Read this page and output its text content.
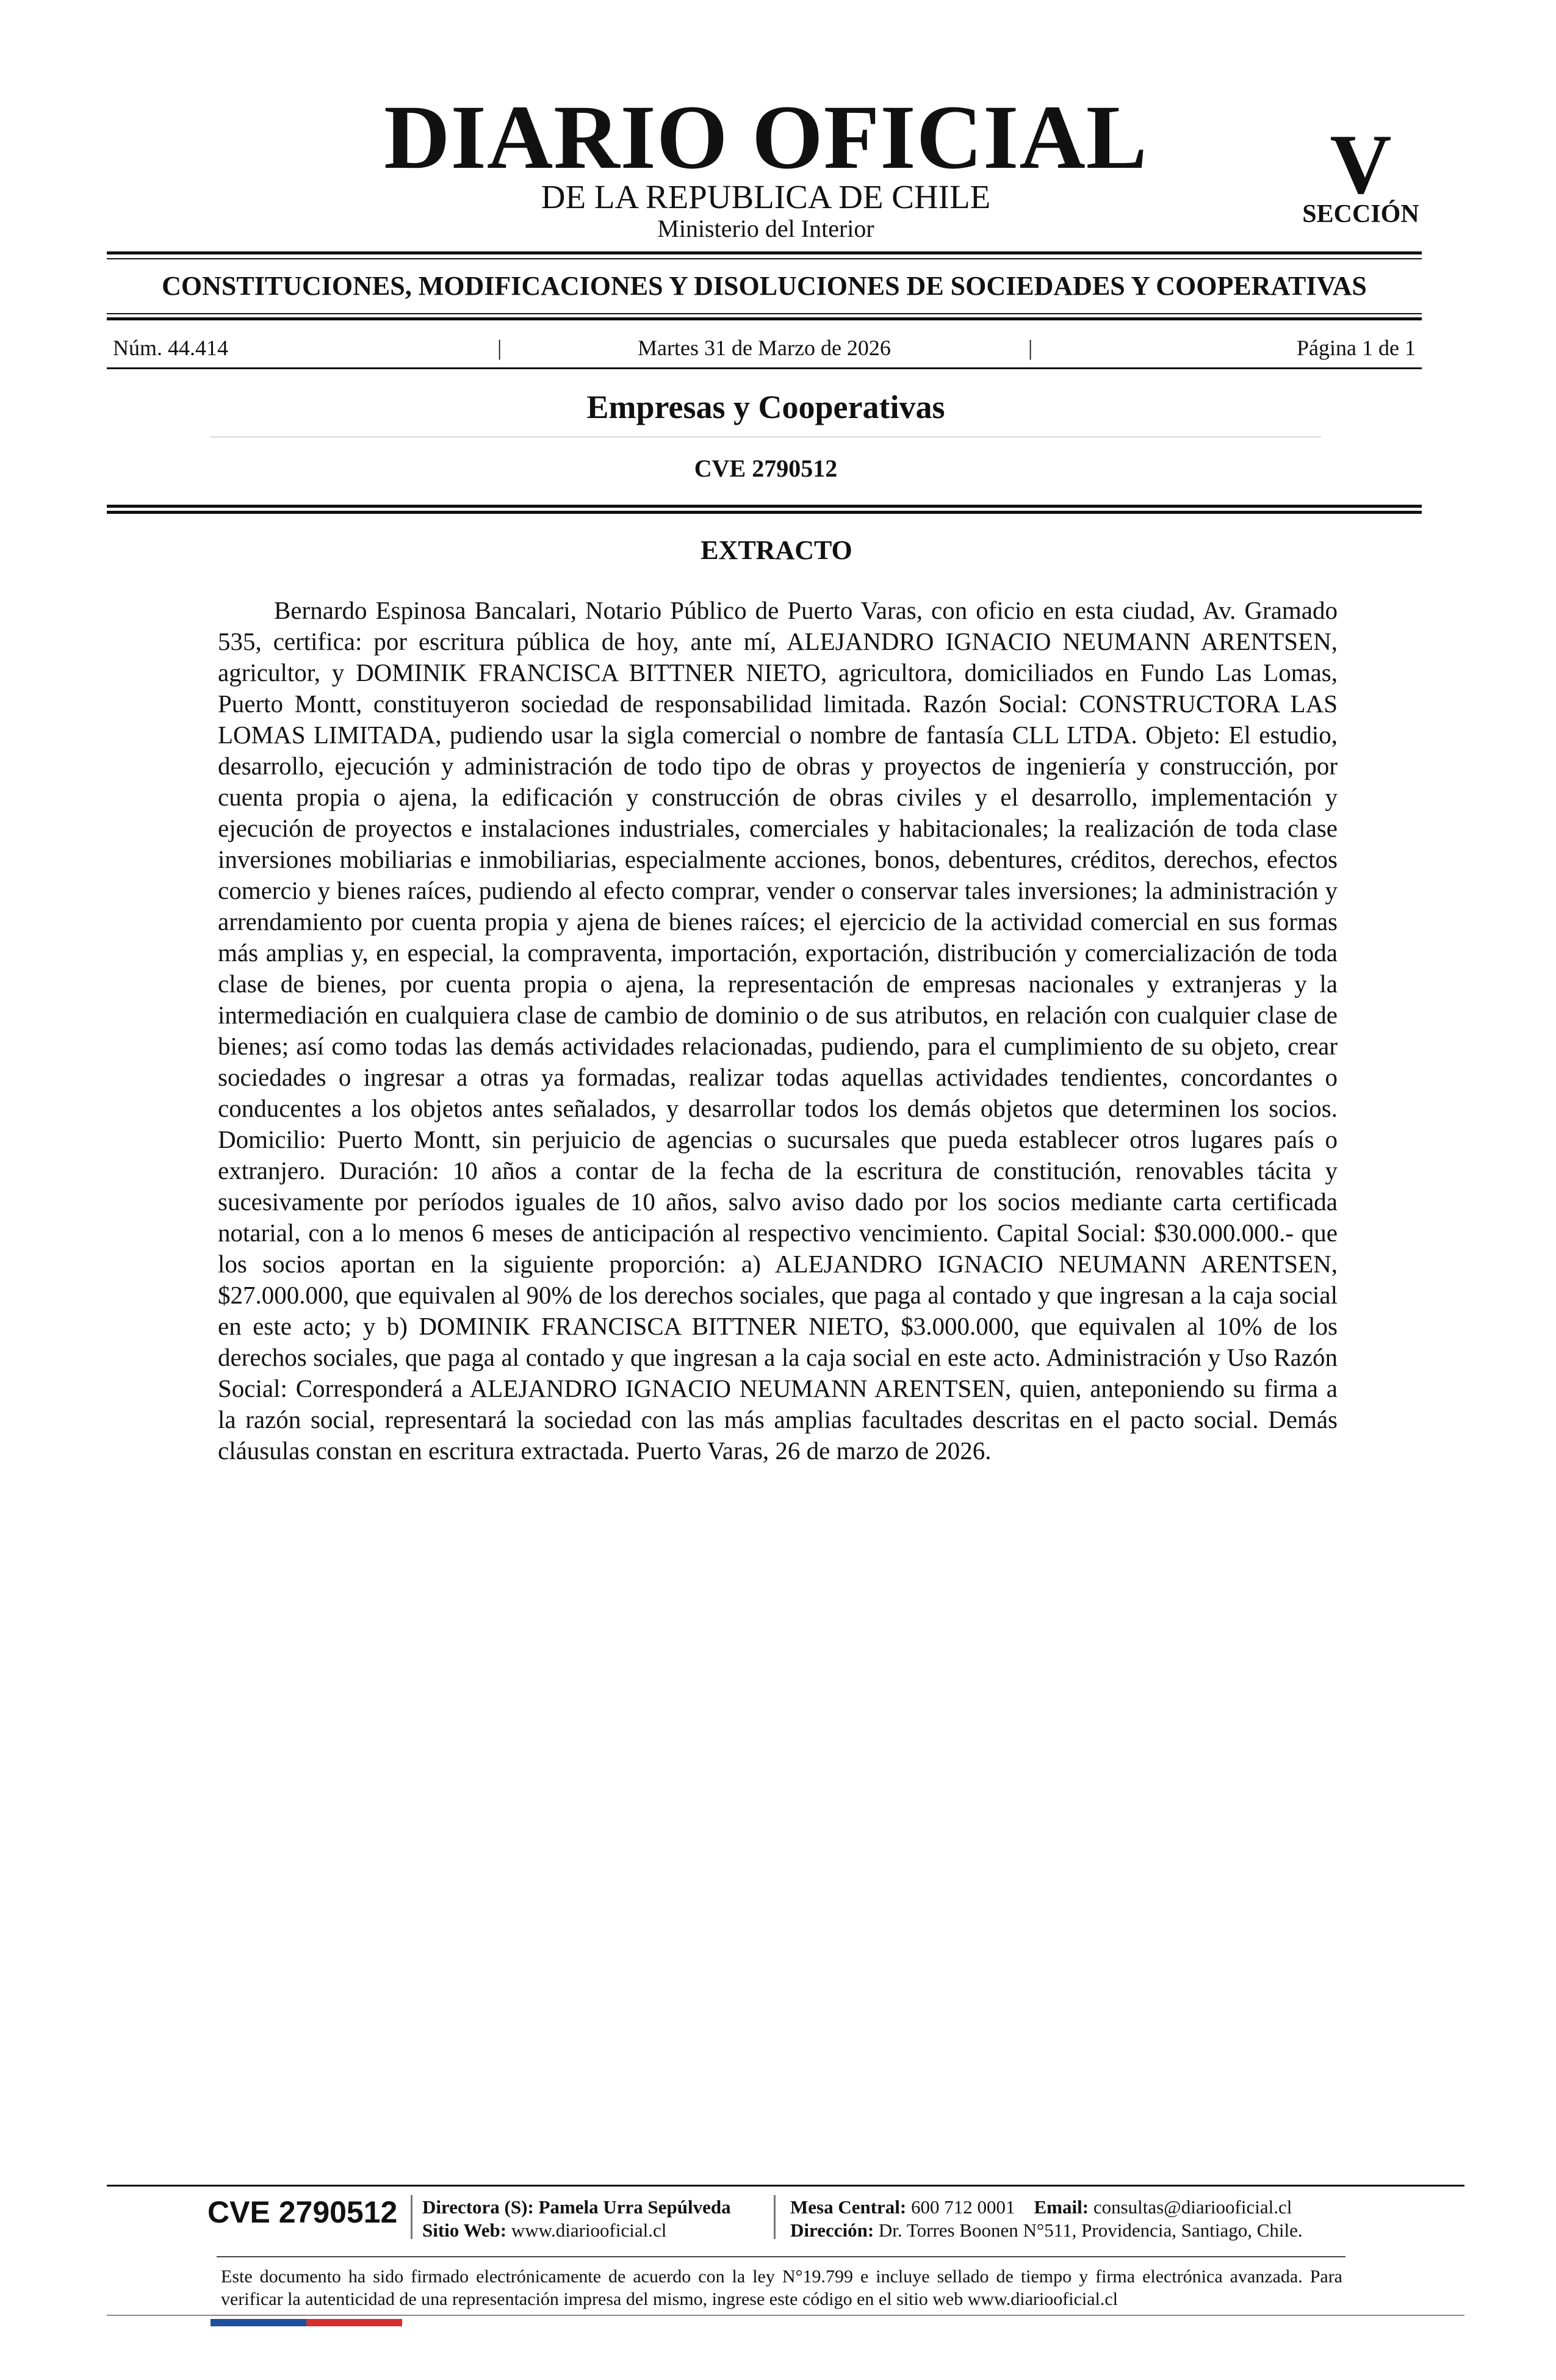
DIARIO OFICIAL
DE LA REPUBLICA DE CHILE
Ministerio del Interior
V
SECCIÓN
CONSTITUCIONES, MODIFICACIONES Y DISOLUCIONES DE SOCIEDADES Y COOPERATIVAS
Núm. 44.414	|	Martes 31 de Marzo de 2026	|	Página 1 de 1
Empresas y Cooperativas
CVE 2790512
EXTRACTO

Bernardo Espinosa Bancalari, Notario Público de Puerto Varas, con oficio en esta ciudad, Av. Gramado 535, certifica: por escritura pública de hoy, ante mí, ALEJANDRO IGNACIO NEUMANN ARENTSEN, agricultor, y DOMINIK FRANCISCA BITTNER NIETO, agricultora, domiciliados en Fundo Las Lomas, Puerto Montt, constituyeron sociedad de responsabilidad limitada. Razón Social: CONSTRUCTORA LAS LOMAS LIMITADA, pudiendo usar la sigla comercial o nombre de fantasía CLL LTDA. Objeto: El estudio, desarrollo, ejecución y administración de todo tipo de obras y proyectos de ingeniería y construcción, por cuenta propia o ajena, la edificación y construcción de obras civiles y el desarrollo, implementación y ejecución de proyectos e instalaciones industriales, comerciales y habitacionales; la realización de toda clase inversiones mobiliarias e inmobiliarias, especialmente acciones, bonos, debentures, créditos, derechos, efectos comercio y bienes raíces, pudiendo al efecto comprar, vender o conservar tales inversiones; la administración y arrendamiento por cuenta propia y ajena de bienes raíces; el ejercicio de la actividad comercial en sus formas más amplias y, en especial, la compraventa, importación, exportación, distribución y comercialización de toda clase de bienes, por cuenta propia o ajena, la representación de empresas nacionales y extranjeras y la intermediación en cualquiera clase de cambio de dominio o de sus atributos, en relación con cualquier clase de bienes; así como todas las demás actividades relacionadas, pudiendo, para el cumplimiento de su objeto, crear sociedades o ingresar a otras ya formadas, realizar todas aquellas actividades tendientes, concordantes o conducentes a los objetos antes señalados, y desarrollar todos los demás objetos que determinen los socios. Domicilio: Puerto Montt, sin perjuicio de agencias o sucursales que pueda establecer otros lugares país o extranjero. Duración: 10 años a contar de la fecha de la escritura de constitución, renovables tácita y sucesivamente por períodos iguales de 10 años, salvo aviso dado por los socios mediante carta certificada notarial, con a lo menos 6 meses de anticipación al respectivo vencimiento. Capital Social: $30.000.000.- que los socios aportan en la siguiente proporción: a) ALEJANDRO IGNACIO NEUMANN ARENTSEN, $27.000.000, que equivalen al 90% de los derechos sociales, que paga al contado y que ingresan a la caja social en este acto; y b) DOMINIK FRANCISCA BITTNER NIETO, $3.000.000, que equivalen al 10% de los derechos sociales, que paga al contado y que ingresan a la caja social en este acto. Administración y Uso Razón Social: Corresponderá a ALEJANDRO IGNACIO NEUMANN ARENTSEN, quien, anteponiendo su firma a la razón social, representará la sociedad con las más amplias facultades descritas en el pacto social. Demás cláusulas constan en escritura extractada. Puerto Varas, 26 de marzo de 2026.

CVE 2790512 Directora (S): Pamela Urra Sepúlveda
Sitio Web: www.diariooficial.cl
Mesa Central: 600 712 0001 Email: consultas@diariooficial.cl
Dirección: Dr. Torres Boonen N°511, Providencia, Santiago, Chile.

Este documento ha sido firmado electrónicamente de acuerdo con la ley N°19.799 e incluye sellado de tiempo y firma electrónica avanzada. Para verificar la autenticidad de una representación impresa del mismo, ingrese este código en el sitio web www.diariooficial.cl
